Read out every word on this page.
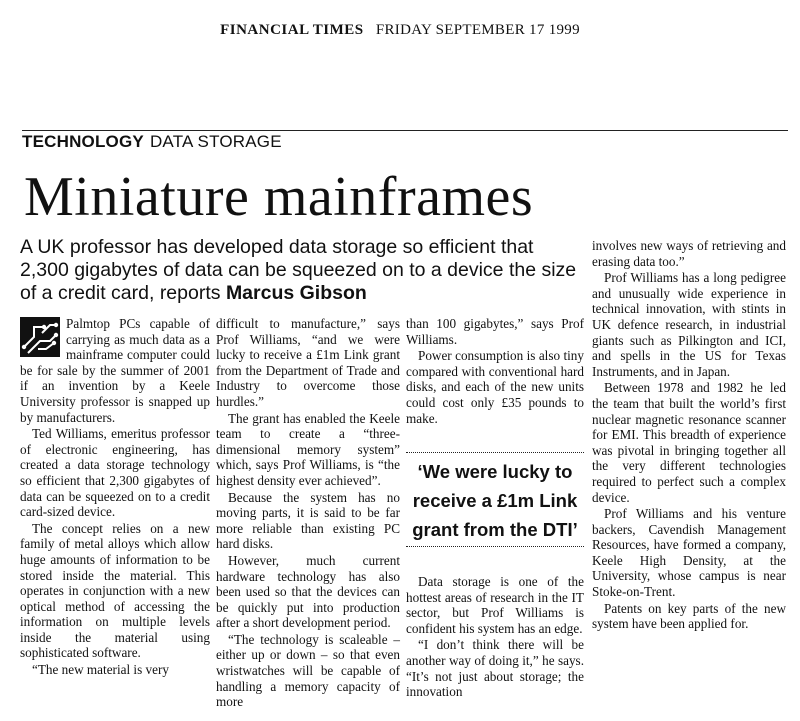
FINANCIAL TIMES FRIDAY SEPTEMBER 17 1999
TECHNOLOGY DATA STORAGE
Miniature mainframes
A UK professor has developed data storage so efficient that 2,300 gigabytes of data can be squeezed on to a device the size of a credit card, reports Marcus Gibson

Palmtop PCs capable of carrying as much data as a mainframe computer could be for sale by the summer of 2001 if an invention by a Keele University professor is snapped up by manufacturers.

Ted Williams, emeritus professor of electronic engineering, has created a data storage technology so efficient that 2,300 gigabytes of data can be squeezed on to a credit card-sized device.

The concept relies on a new family of metal alloys which allow huge amounts of information to be stored inside the material. This operates in conjunction with a new optical method of accessing the information on multiple levels inside the material using sophisticated software.

“The new material is very

difficult to manufacture,” says Prof Williams, “and we were lucky to receive a £1m Link grant from the Department of Trade and Industry to overcome those hurdles.”

The grant has enabled the Keele team to create a “three-dimensional memory system” which, says Prof Williams, is “the highest density ever achieved”.

Because the system has no moving parts, it is said to be far more reliable than existing PC hard disks.

However, much current hardware technology has also been used so that the devices can be quickly put into production after a short development period.

“The technology is scaleable – either up or down – so that even wristwatches will be capable of handling a memory capacity of more

than 100 gigabytes,” says Prof Williams.

Power consumption is also tiny compared with conventional hard disks, and each of the new units could cost only £35 pounds to make.

‘We were lucky to receive a £1m Link grant from the DTI’

Data storage is one of the hottest areas of research in the IT sector, but Prof Williams is confident his system has an edge.

“I don’t think there will be another way of doing it,” he says. “It’s not just about storage; the innovation

involves new ways of retrieving and erasing data too.”

Prof Williams has a long pedigree and unusually wide experience in technical innovation, with stints in UK defence research, in industrial giants such as Pilkington and ICI, and spells in the US for Texas Instruments, and in Japan.

Between 1978 and 1982 he led the team that built the world’s first nuclear magnetic resonance scanner for EMI. This breadth of experience was pivotal in bringing together all the very different technologies required to perfect such a complex device.

Prof Williams and his venture backers, Cavendish Management Resources, have formed a company, Keele High Density, at the University, whose campus is near Stoke-on-Trent.

Patents on key parts of the new system have been applied for.
